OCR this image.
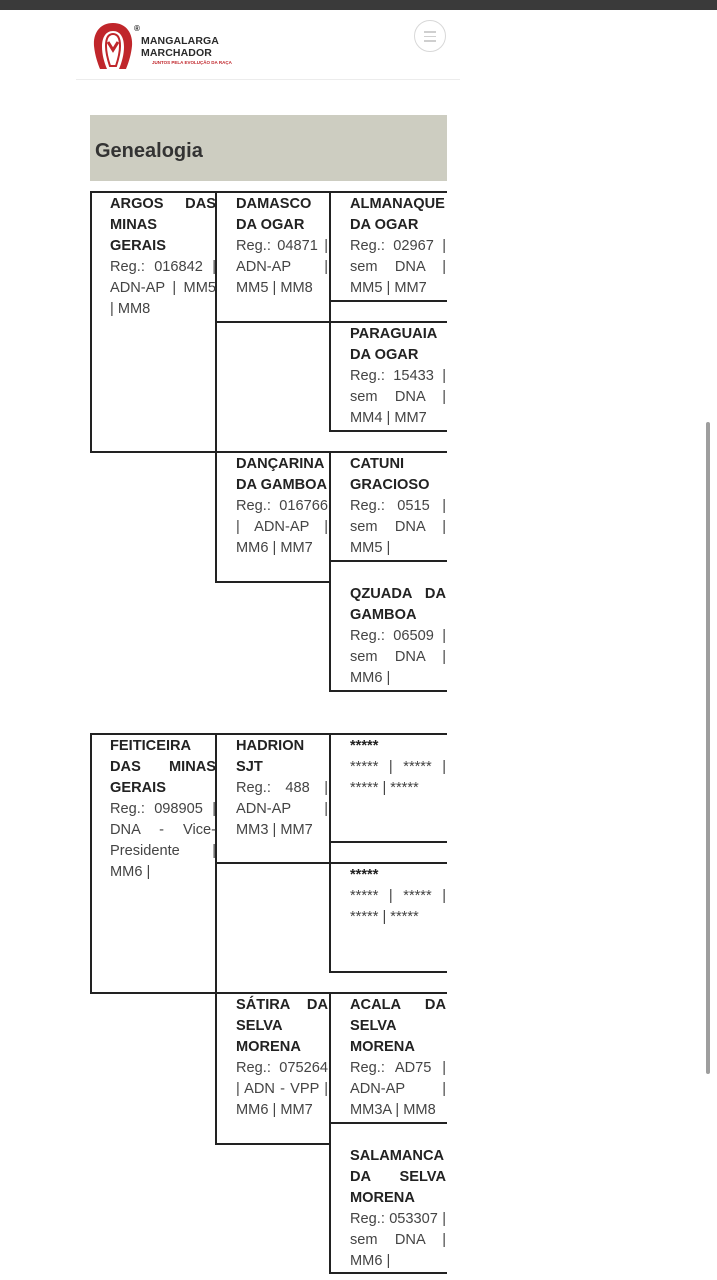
®
MANGALARGA
MARCHADOR
JUNTOS PELA EVOLUÇÃO DA RAÇA
Genealogia
ARGOS DAS MINAS GERAIS
Reg.: 016842 | ADN-AP | MM5 | MM8
DAMASCO DA OGAR
Reg.: 04871 | ADN-AP | MM5 | MM8
ALMANAQUE DA OGAR
Reg.: 02967 | sem DNA | MM5 | MM7
PARAGUAIA DA OGAR
Reg.: 15433 | sem DNA | MM4 | MM7
DANÇARINA DA GAMBOA
Reg.: 016766 | ADN-AP | MM6 | MM7
CATUNI GRACIOSO
Reg.: 0515 | sem DNA | MM5 |
QZUADA DA GAMBOA
Reg.: 06509 | sem DNA | MM6 |
FEITICEIRA DAS MINAS GERAIS
Reg.: 098905 | DNA - Vice-Presidente | MM6 |
HADRION SJT
Reg.: 488 | ADN-AP | MM3 | MM7
*****
***** | ***** | ***** | *****
*****
***** | ***** | ***** | *****
SÁTIRA DA SELVA MORENA
Reg.: 075264 | ADN - VPP | MM6 | MM7
ACALA DA SELVA MORENA
Reg.: AD75 | ADN-AP | MM3A | MM8
SALAMANCA DA SELVA MORENA
Reg.: 053307 | sem DNA | MM6 |
